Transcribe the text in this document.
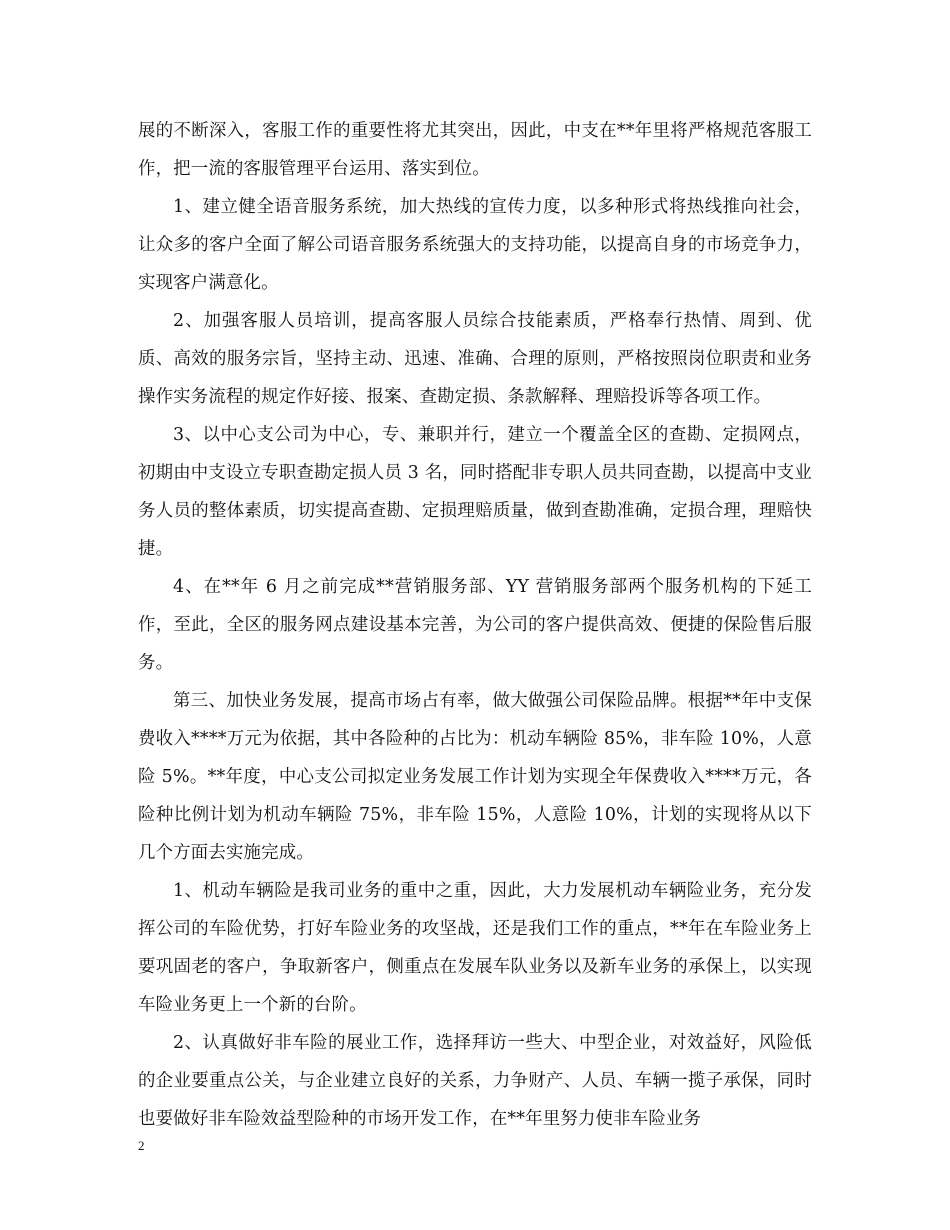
展的不断深入，客服工作的重要性将尤其突出，因此，中支在**年里将严格规范客服工作，把一流的客服管理平台运用、落实到位。

1、建立健全语音服务系统，加大热线的宣传力度，以多种形式将热线推向社会，让众多的客户全面了解公司语音服务系统强大的支持功能，以提高自身的市场竞争力，实现客户满意化。

2、加强客服人员培训，提高客服人员综合技能素质，严格奉行热情、周到、优质、高效的服务宗旨，坚持主动、迅速、准确、合理的原则，严格按照岗位职责和业务操作实务流程的规定作好接、报案、查勘定损、条款解释、理赔投诉等各项工作。

3、以中心支公司为中心，专、兼职并行，建立一个覆盖全区的查勘、定损网点，初期由中支设立专职查勘定损人员 3 名，同时搭配非专职人员共同查勘，以提高中支业务人员的整体素质，切实提高查勘、定损理赔质量，做到查勘准确，定损合理，理赔快捷。

4、在**年 6 月之前完成**营销服务部、YY 营销服务部两个服务机构的下延工作，至此，全区的服务网点建设基本完善，为公司的客户提供高效、便捷的保险售后服务。

第三、加快业务发展，提高市场占有率，做大做强公司保险品牌。根据**年中支保费收入****万元为依据，其中各险种的占比为：机动车辆险 85%，非车险 10%，人意险 5%。**年度，中心支公司拟定业务发展工作计划为实现全年保费收入****万元，各险种比例计划为机动车辆险 75%，非车险 15%，人意险 10%，计划的实现将从以下几个方面去实施完成。

1、机动车辆险是我司业务的重中之重，因此，大力发展机动车辆险业务，充分发挥公司的车险优势，打好车险业务的攻坚战，还是我们工作的重点，**年在车险业务上要巩固老的客户，争取新客户，侧重点在发展车队业务以及新车业务的承保上，以实现车险业务更上一个新的台阶。

2、认真做好非车险的展业工作，选择拜访一些大、中型企业，对效益好，风险低的企业要重点公关，与企业建立良好的关系，力争财产、人员、车辆一揽子承保，同时也要做好非车险效益型险种的市场开发工作，在**年里努力使非车险业务

2
